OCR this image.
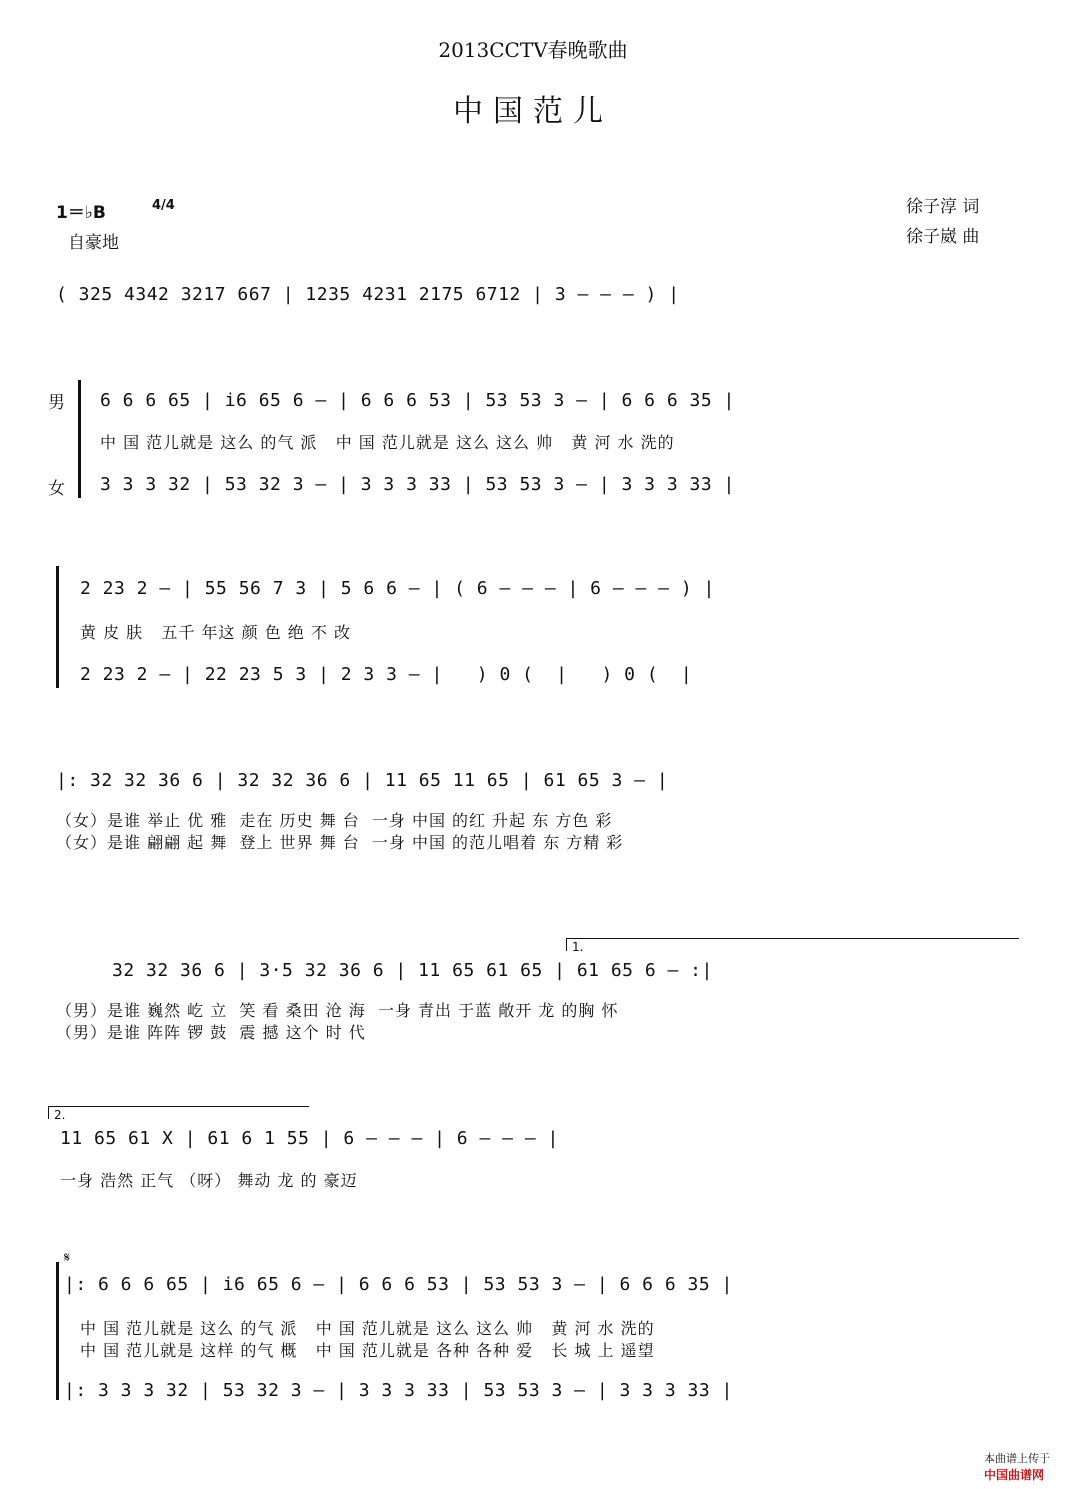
2013CCTV春晚歌曲
中国范儿
1＝♭B	4/4
自豪地
徐子淳 词
徐子崴 曲
( 325 4342 3217 667 | 1235 4231 2175 6712 | 3 – – – ) |
男
女
6 6 6 65 | i6 65 6 – | 6 6 6 53 | 53 53 3 – | 6 6 6 35 |
中 国 范儿就是 这么 的气 派   中 国 范儿就是 这么 这么 帅   黄 河 水 洗的
3 3 3 32 | 53 32 3 – | 3 3 3 33 | 53 53 3 – | 3 3 3 33 |
2 23 2 – | 55 56 7 3 | 5 6 6 – | ( 6 – – – | 6 – – – ) |
黄 皮 肤   五千 年这 颜 色 绝 不 改
2 23 2 – | 22 23 5 3 | 2 3 3 – |   ) 0 (  |   ) 0 (  |
|: 32 32 36 6 | 32 32 36 6 | 11 65 11 65 | 61 65 3 – |
（女）是谁 举止 优 雅  走在 历史 舞 台  一身 中国 的红 升起 东 方色 彩
（女）是谁 翩翩 起 舞  登上 世界 舞 台  一身 中国 的范儿唱着 东 方精 彩
1.
32 32 36 6 | 3·5 32 36 6 | 11 65 61 65 | 61 65 6 – :|
（男）是谁 巍然 屹 立  笑 看 桑田 沧 海  一身 青出 于蓝 敞开 龙 的胸 怀
（男）是谁 阵阵 锣 鼓  震 撼 这个 时 代
2.
11 65 61 X | 61 6 1 55 | 6 – – – | 6 – – – |
一身 浩然 正气 （呀） 舞动 龙 的 豪迈
𝄋
|: 6 6 6 65 | i6 65 6 – | 6 6 6 53 | 53 53 3 – | 6 6 6 35 |
中 国 范儿就是 这么 的气 派   中 国 范儿就是 这么 这么 帅   黄 河 水 洗的
中 国 范儿就是 这样 的气 概   中 国 范儿就是 各种 各种 爱   长 城 上 遥望
|: 3 3 3 32 | 53 32 3 – | 3 3 3 33 | 53 53 3 – | 3 3 3 33 |

本曲谱上传于
中国曲谱网
